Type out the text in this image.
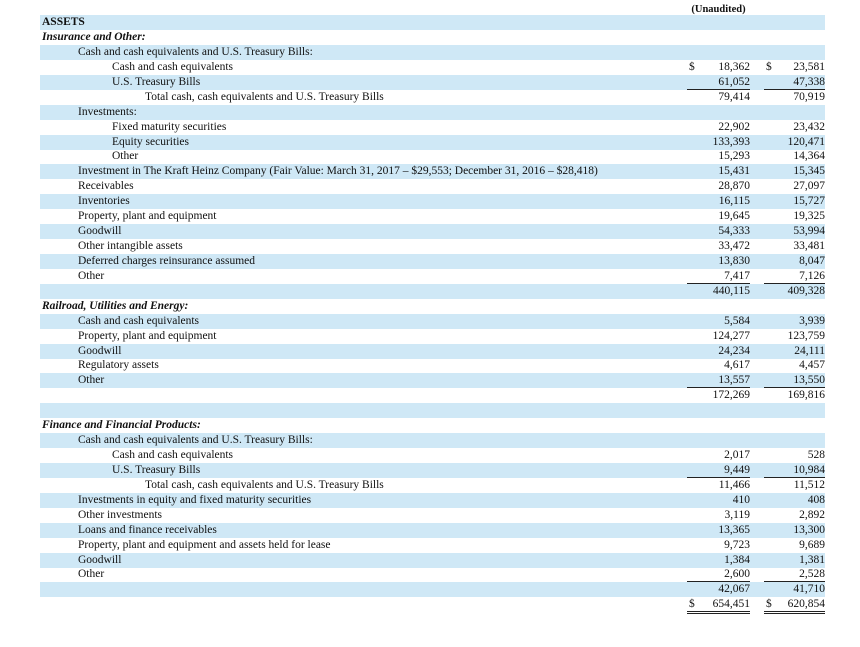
(Unaudited)
ASSETS
Insurance and Other:
Cash and cash equivalents and U.S. Treasury Bills:
Cash and cash equivalents	$ 18,362 $ 23,581
U.S. Treasury Bills	61,052	47,338
Total cash, cash equivalents and U.S. Treasury Bills	79,414	70,919
Investments:
Fixed maturity securities	22,902	23,432
Equity securities	133,393	120,471
Other	15,293	14,364
Investment in The Kraft Heinz Company (Fair Value: March 31, 2017 – $29,553; December 31, 2016 – $28,418)	15,431	15,345
Receivables	28,870	27,097
Inventories	16,115	15,727
Property, plant and equipment	19,645	19,325
Goodwill	54,333	53,994
Other intangible assets	33,472	33,481
Deferred charges reinsurance assumed	13,830	8,047
Other	7,417	7,126
440,115	409,328
Railroad, Utilities and Energy:
Cash and cash equivalents	5,584	3,939
Property, plant and equipment	124,277	123,759
Goodwill	24,234	24,111
Regulatory assets	4,617	4,457
Other	13,557	13,550
172,269	169,816
Finance and Financial Products:
Cash and cash equivalents and U.S. Treasury Bills:
Cash and cash equivalents	2,017	528
U.S. Treasury Bills	9,449	10,984
Total cash, cash equivalents and U.S. Treasury Bills	11,466	11,512
Investments in equity and fixed maturity securities	410	408
Other investments	3,119	2,892
Loans and finance receivables	13,365	13,300
Property, plant and equipment and assets held for lease	9,723	9,689
Goodwill	1,384	1,381
Other	2,600	2,528
42,067	41,710
$ 654,451 $ 620,854
